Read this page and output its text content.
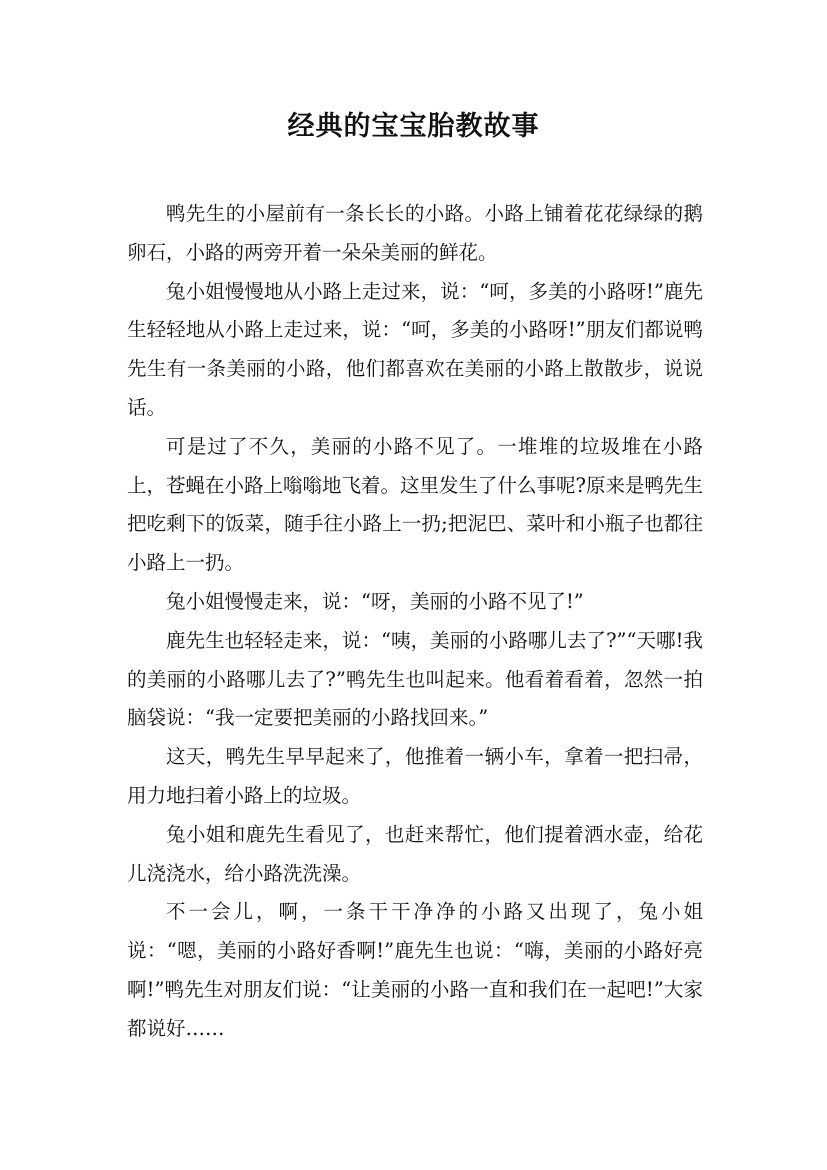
经典的宝宝胎教故事

鸭先生的小屋前有一条长长的小路。小路上铺着花花绿绿的鹅卵石，小路的两旁开着一朵朵美丽的鲜花。

兔小姐慢慢地从小路上走过来，说：“呵，多美的小路呀!”鹿先生轻轻地从小路上走过来，说：“呵，多美的小路呀!”朋友们都说鸭先生有一条美丽的小路，他们都喜欢在美丽的小路上散散步，说说话。

可是过了不久，美丽的小路不见了。一堆堆的垃圾堆在小路上，苍蝇在小路上嗡嗡地飞着。这里发生了什么事呢?原来是鸭先生把吃剩下的饭菜，随手往小路上一扔;把泥巴、菜叶和小瓶子也都往小路上一扔。

兔小姐慢慢走来，说：“呀，美丽的小路不见了!”

鹿先生也轻轻走来，说：“咦，美丽的小路哪儿去了?”“天哪!我的美丽的小路哪儿去了?”鸭先生也叫起来。他看着看着，忽然一拍脑袋说：“我一定要把美丽的小路找回来。”

这天，鸭先生早早起来了，他推着一辆小车，拿着一把扫帚，用力地扫着小路上的垃圾。

兔小姐和鹿先生看见了，也赶来帮忙，他们提着洒水壶，给花儿浇浇水，给小路洗洗澡。

不一会儿，啊，一条干干净净的小路又出现了，兔小姐说：“嗯，美丽的小路好香啊!”鹿先生也说：“嗨，美丽的小路好亮啊!”鸭先生对朋友们说：“让美丽的小路一直和我们在一起吧!”大家都说好……
